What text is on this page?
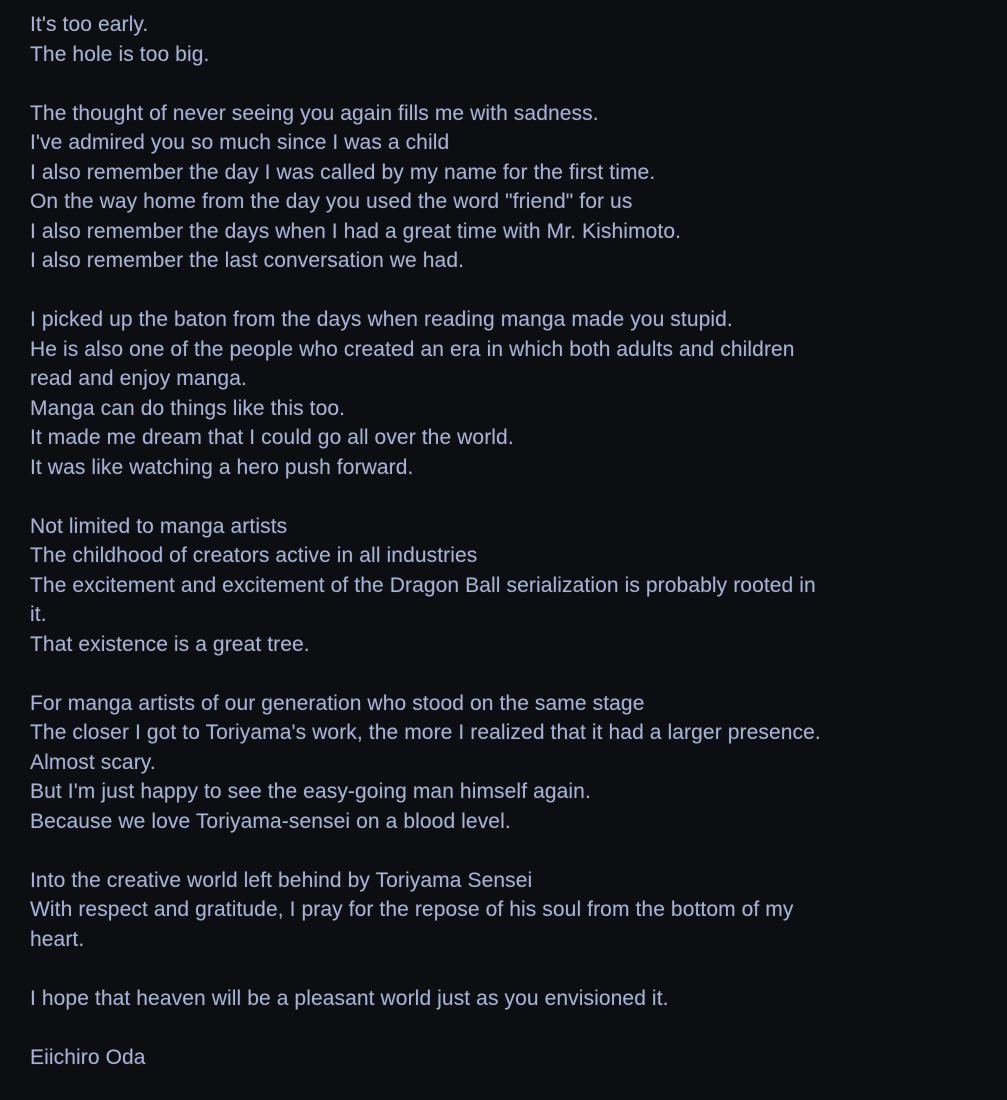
It's too early.
The hole is too big.
The thought of never seeing you again fills me with sadness.
I've admired you so much since I was a child
I also remember the day I was called by my name for the first time.
On the way home from the day you used the word "friend" for us
I also remember the days when I had a great time with Mr. Kishimoto.
I also remember the last conversation we had.
I picked up the baton from the days when reading manga made you stupid.
He is also one of the people who created an era in which both adults and children
read and enjoy manga.
Manga can do things like this too.
It made me dream that I could go all over the world.
It was like watching a hero push forward.
Not limited to manga artists
The childhood of creators active in all industries
The excitement and excitement of the Dragon Ball serialization is probably rooted in
it.
That existence is a great tree.
For manga artists of our generation who stood on the same stage
The closer I got to Toriyama's work, the more I realized that it had a larger presence.
Almost scary.
But I'm just happy to see the easy-going man himself again.
Because we love Toriyama-sensei on a blood level.
Into the creative world left behind by Toriyama Sensei
With respect and gratitude, I pray for the repose of his soul from the bottom of my
heart.
I hope that heaven will be a pleasant world just as you envisioned it.
Eiichiro Oda
